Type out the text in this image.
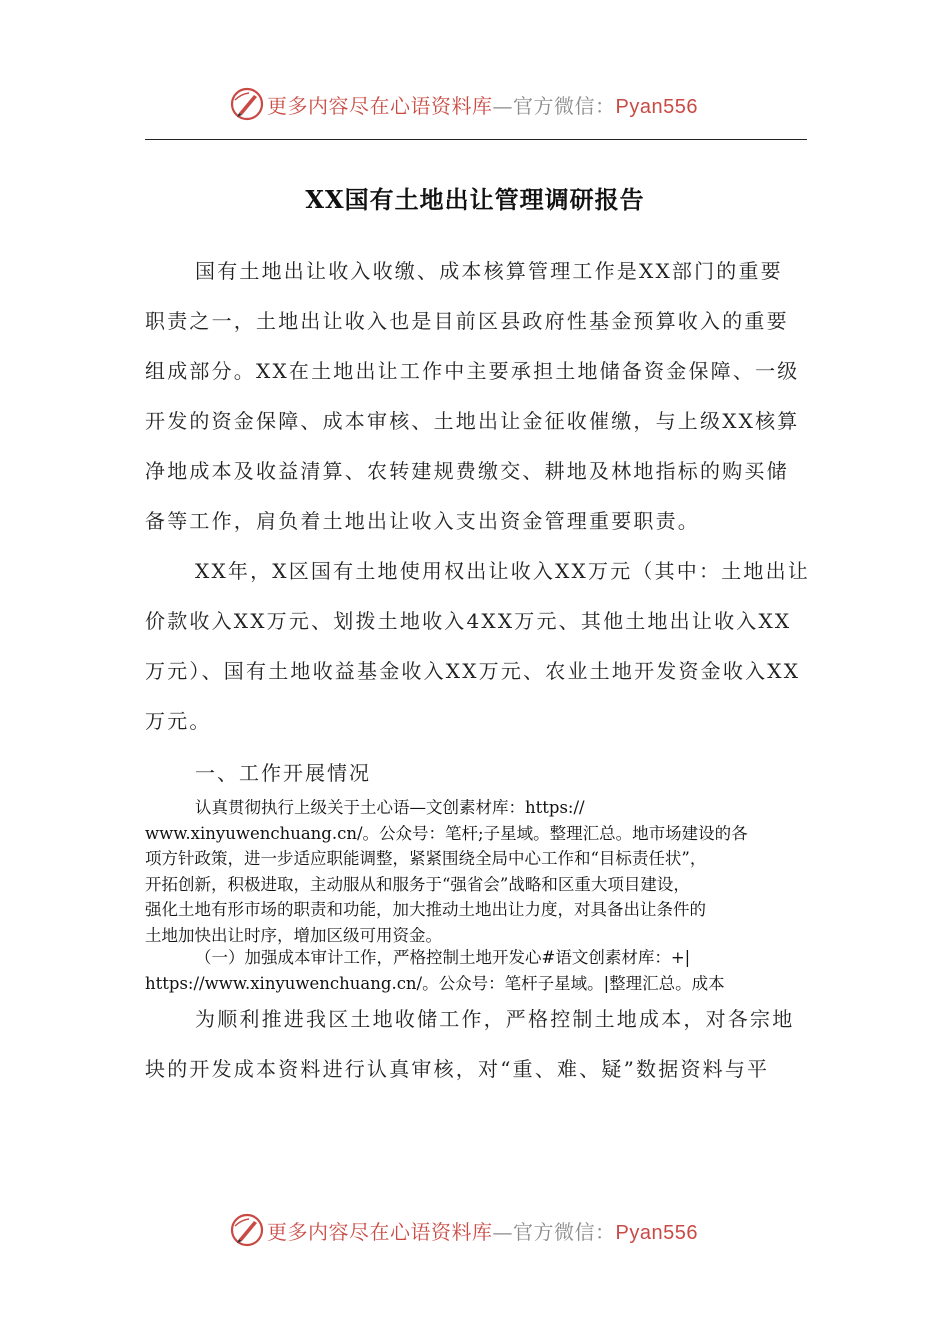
更多内容尽在心语资料库—官方微信：Pyan556
XX国有土地出让管理调研报告
国有土地出让收入收缴、成本核算管理工作是XX部门的重要
职责之一，土地出让收入也是目前区县政府性基金预算收入的重要
组成部分。XX在土地出让工作中主要承担土地储备资金保障、一级
开发的资金保障、成本审核、土地出让金征收催缴，与上级XX核算
净地成本及收益清算、农转建规费缴交、耕地及林地指标的购买储
备等工作，肩负着土地出让收入支出资金管理重要职责。
XX年，X区国有土地使用权出让收入XX万元（其中：土地出让
价款收入XX万元、划拨土地收入4XX万元、其他土地出让收入XX
万元）、国有土地收益基金收入XX万元、农业土地开发资金收入XX
万元。
一、工作开展情况
认真贯彻执行上级关于土心语—文创素材库：https://
www.xinyuwenchuang.cn/。公众号：笔杆;子星域。整理汇总。地市场建设的各
项方针政策，进一步适应职能调整，紧紧围绕全局中心工作和“目标责任状”，
开拓创新，积极进取，主动服从和服务于“强省会”战略和区重大项目建设，
强化土地有形市场的职责和功能，加大推动土地出让力度，对具备出让条件的
土地加快出让时序，增加区级可用资金。
（一）加强成本审计工作，严格控制土地开发心#语文创素材库：+|
https://www.xinyuwenchuang.cn/。公众号：笔杆子星域。|整理汇总。成本
为顺利推进我区土地收储工作，严格控制土地成本，对各宗地
块的开发成本资料进行认真审核，对“重、难、疑”数据资料与平
更多内容尽在心语资料库—官方微信：Pyan556
